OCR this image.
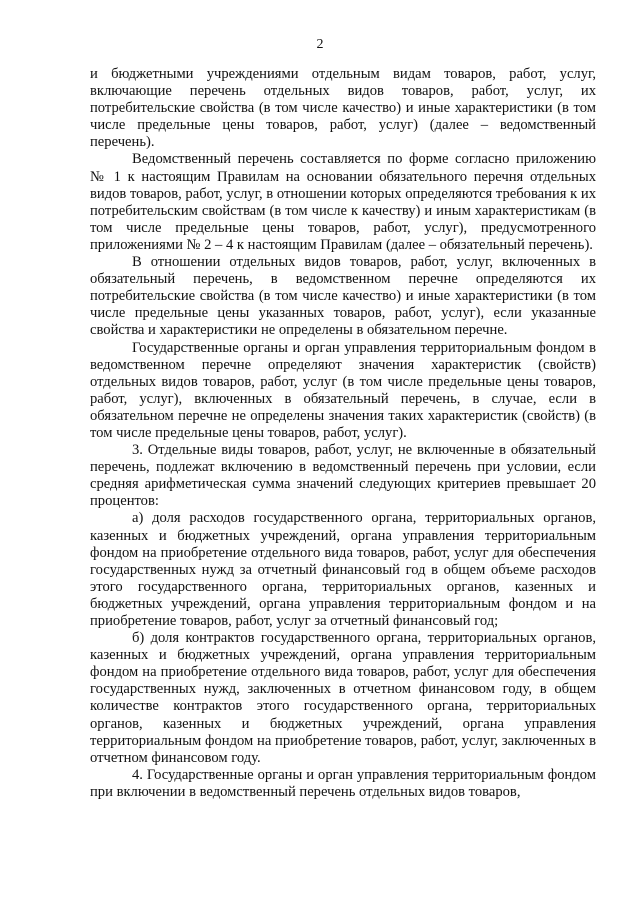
2

и бюджетными учреждениями отдельным видам товаров, работ, услуг, включающие перечень отдельных видов товаров, работ, услуг, их потребительские свойства (в том числе качество) и иные характеристики (в том числе предельные цены товаров, работ, услуг) (далее – ведомственный перечень).

Ведомственный перечень составляется по форме согласно приложению № 1 к настоящим Правилам на основании обязательного перечня отдельных видов товаров, работ, услуг, в отношении которых определяются требования к их потребительским свойствам (в том числе к качеству) и иным характеристикам (в том числе предельные цены товаров, работ, услуг), предусмотренного приложениями № 2 – 4 к настоящим Правилам (далее – обязательный перечень).

В отношении отдельных видов товаров, работ, услуг, включенных в обязательный перечень, в ведомственном перечне определяются их потребительские свойства (в том числе качество) и иные характеристики (в том числе предельные цены указанных товаров, работ, услуг), если указанные свойства и характеристики не определены в обязательном перечне.

Государственные органы и орган управления территориальным фондом в ведомственном перечне определяют значения характеристик (свойств) отдельных видов товаров, работ, услуг (в том числе предельные цены товаров, работ, услуг), включенных в обязательный перечень, в случае, если в обязательном перечне не определены значения таких характеристик (свойств) (в том числе предельные цены товаров, работ, услуг).

3. Отдельные виды товаров, работ, услуг, не включенные в обязательный перечень, подлежат включению в ведомственный перечень при условии, если средняя арифметическая сумма значений следующих критериев превышает 20 процентов:

а) доля расходов государственного органа, территориальных органов, казенных и бюджетных учреждений, органа управления территориальным фондом на приобретение отдельного вида товаров, работ, услуг для обеспечения государственных нужд за отчетный финансовый год в общем объеме расходов этого государственного органа, территориальных органов, казенных и бюджетных учреждений, органа управления территориальным фондом и на приобретение товаров, работ, услуг за отчетный финансовый год;

б) доля контрактов государственного органа, территориальных органов, казенных и бюджетных учреждений, органа управления территориальным фондом на приобретение отдельного вида товаров, работ, услуг для обеспечения государственных нужд, заключенных в отчетном финансовом году, в общем количестве контрактов этого государственного органа, территориальных органов, казенных и бюджетных учреждений, органа управления территориальным фондом на приобретение товаров, работ, услуг, заключенных в отчетном финансовом году.

4. Государственные органы и орган управления территориальным фондом при включении в ведомственный перечень отдельных видов товаров,
